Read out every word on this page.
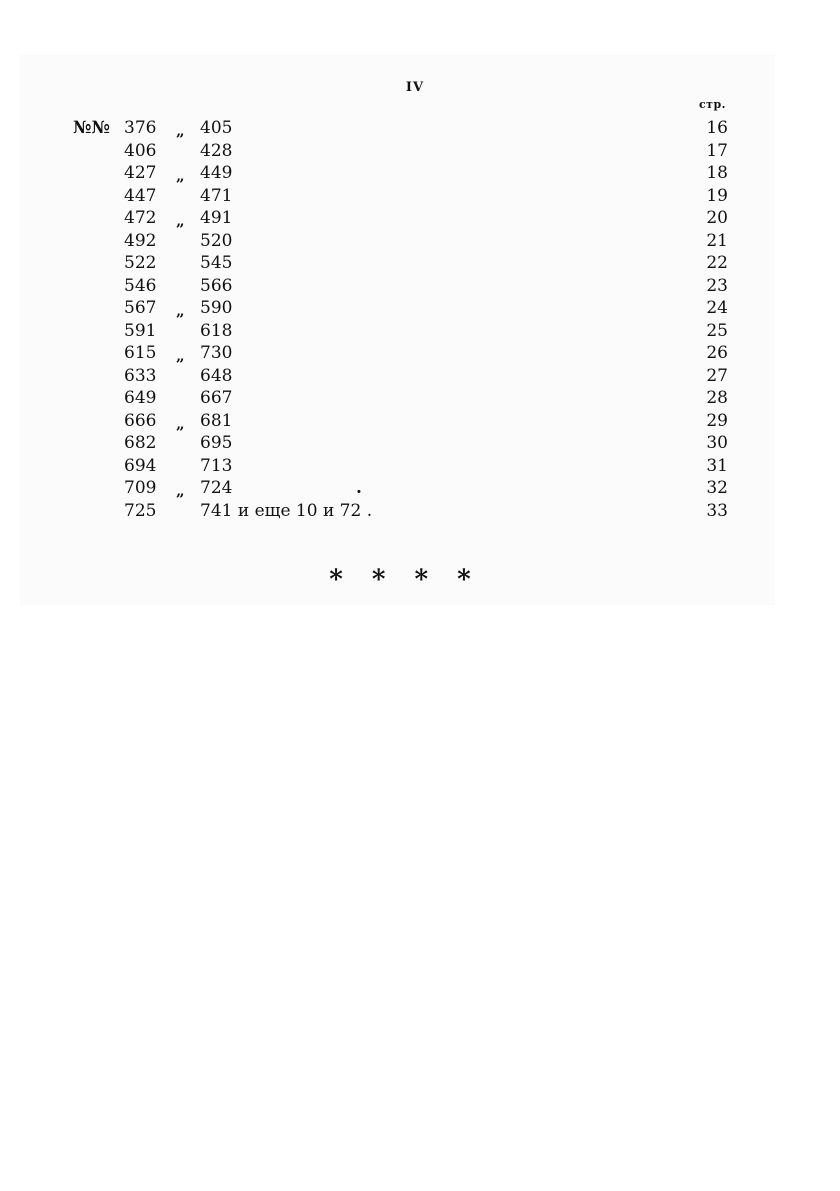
IV
стр.
№№ 376 „ 405	16
406	428	17
427 „ 449	18
447	471	19
472 „ 491	20
492	520	21
522	545	22
546	566	23
567 „ 590	24
591	618	25
615 „ 730	26
633	648	27
649	667	28
666 „ 681	29
682	695	30
694	713	31
709 „ 724	.	32
725	741 и еще 10 и 72 .	33
* * * *
